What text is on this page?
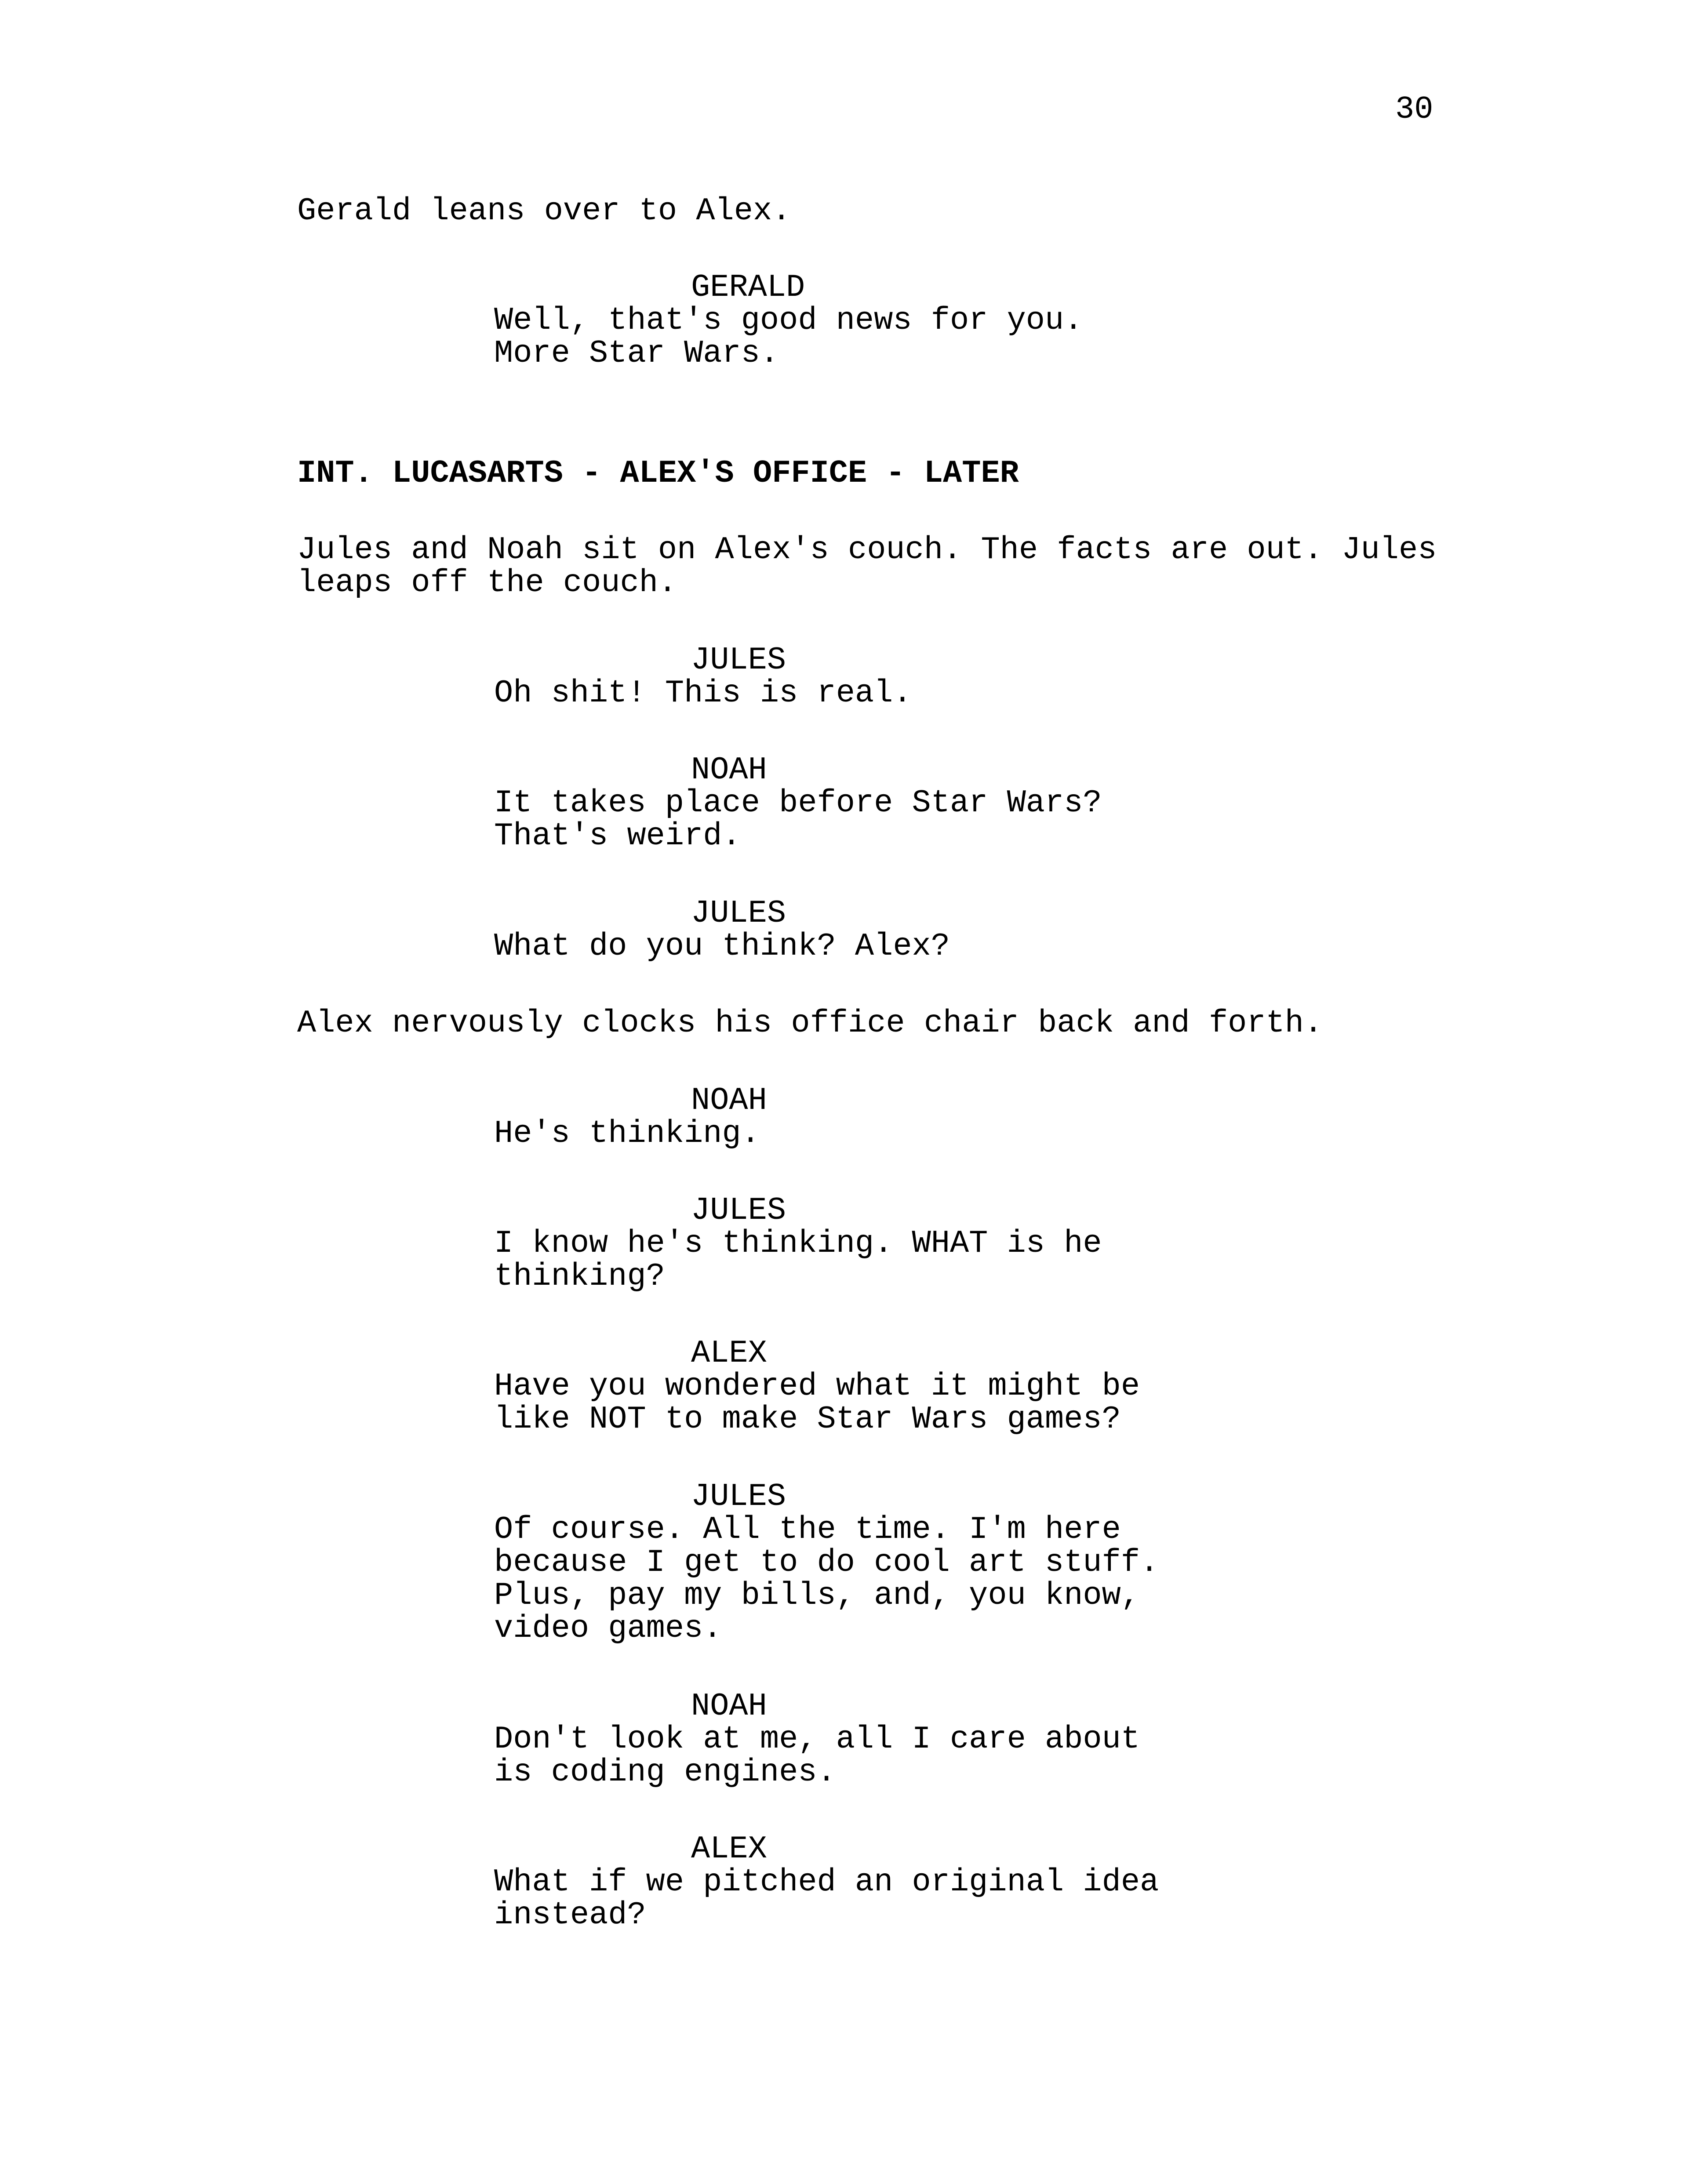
30
Gerald leans over to Alex.
GERALD
Well, that's good news for you.
More Star Wars.
INT. LUCASARTS - ALEX'S OFFICE - LATER
Jules and Noah sit on Alex's couch. The facts are out. Jules
leaps off the couch.
JULES
Oh shit! This is real.
NOAH
It takes place before Star Wars?
That's weird.
JULES
What do you think? Alex?
Alex nervously clocks his office chair back and forth.
NOAH
He's thinking.
JULES
I know he's thinking. WHAT is he
thinking?
ALEX
Have you wondered what it might be
like NOT to make Star Wars games?
JULES
Of course. All the time. I'm here
because I get to do cool art stuff.
Plus, pay my bills, and, you know,
video games.
NOAH
Don't look at me, all I care about
is coding engines.
ALEX
What if we pitched an original idea
instead?
